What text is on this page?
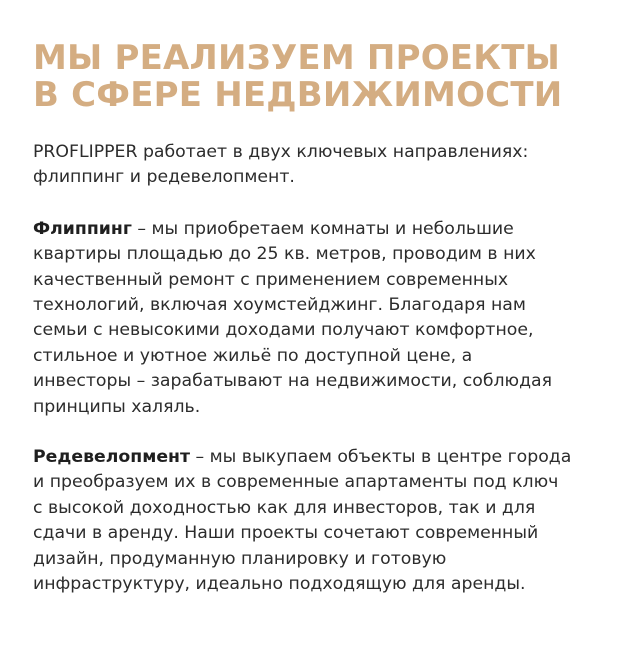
МЫ РЕАЛИЗУЕМ ПРОЕКТЫ
В СФЕРЕ НЕДВИЖИМОСТИ

PROFLIPPER работает в двух ключевых направлениях:
флиппинг и редевелопмент.

Флиппинг – мы приобретаем комнаты и небольшие
квартиры площадью до 25 кв. метров, проводим в них
качественный ремонт с применением современных
технологий, включая хоумстейджинг. Благодаря нам
семьи с невысокими доходами получают комфортное,
стильное и уютное жильё по доступной цене, а
инвесторы – зарабатывают на недвижимости, соблюдая
принципы халяль.

Редевелопмент – мы выкупаем объекты в центре города
и преобразуем их в современные апартаменты под ключ
с высокой доходностью как для инвесторов, так и для
сдачи в аренду. Наши проекты сочетают современный
дизайн, продуманную планировку и готовую
инфраструктуру, идеально подходящую для аренды.
